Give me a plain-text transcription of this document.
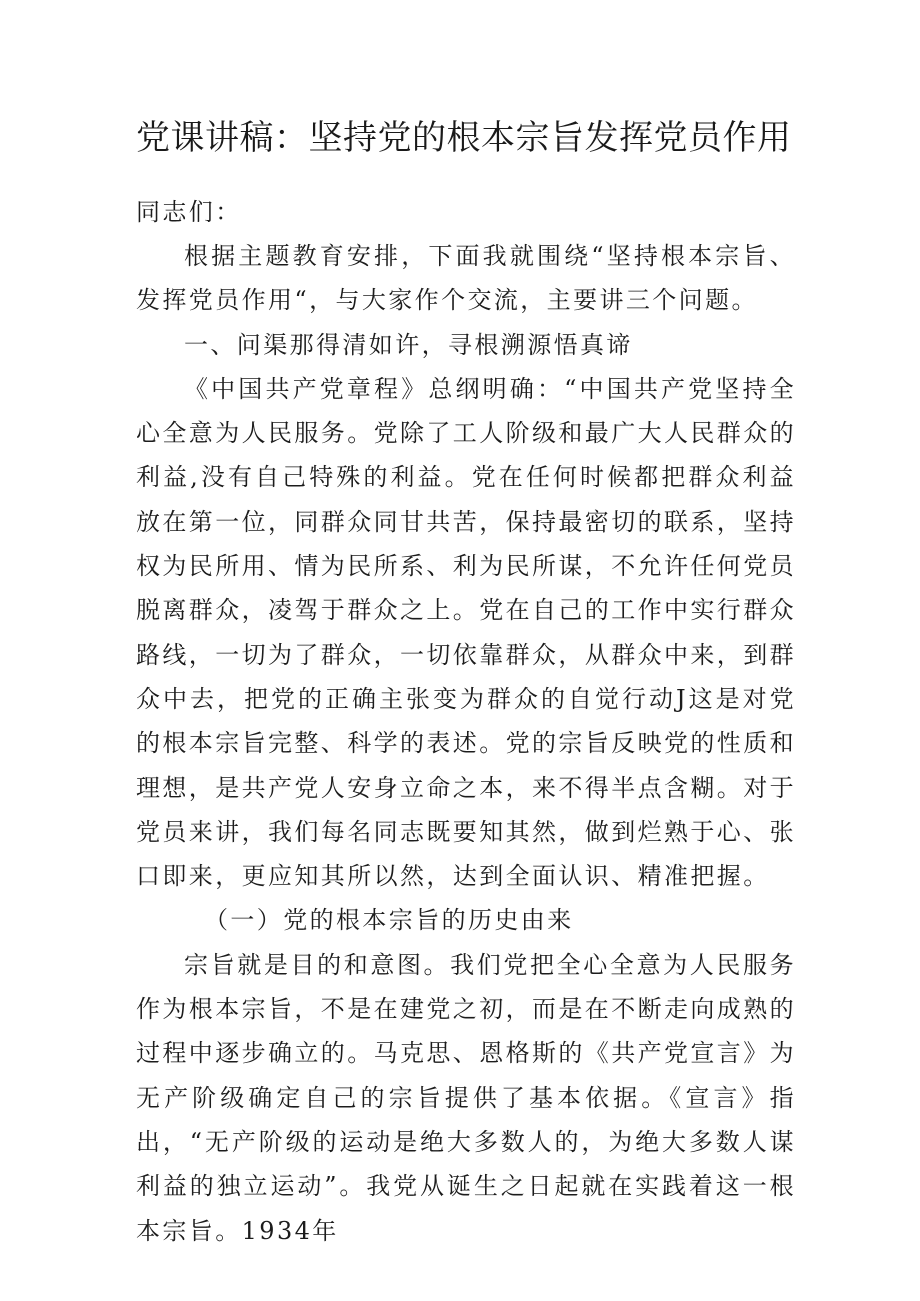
党课讲稿：坚持党的根本宗旨发挥党员作用

同志们：

根据主题教育安排，下面我就围绕“坚持根本宗旨、发挥党员作用“，与大家作个交流，主要讲三个问题。

一、问渠那得清如许，寻根溯源悟真谛

《中国共产党章程》总纲明确：“中国共产党坚持全心全意为人民服务。党除了工人阶级和最广大人民群众的利益,没有自己特殊的利益。党在任何时候都把群众利益放在第一位，同群众同甘共苦，保持最密切的联系，坚持权为民所用、情为民所系、利为民所谋，不允许任何党员脱离群众，凌驾于群众之上。党在自己的工作中实行群众路线，一切为了群众，一切依靠群众，从群众中来，到群众中去，把党的正确主张变为群众的自觉行动J这是对党的根本宗旨完整、科学的表述。党的宗旨反映党的性质和理想，是共产党人安身立命之本，来不得半点含糊。对于党员来讲，我们每名同志既要知其然，做到烂熟于心、张口即来，更应知其所以然，达到全面认识、精准把握。

（一）党的根本宗旨的历史由来

宗旨就是目的和意图。我们党把全心全意为人民服务作为根本宗旨，不是在建党之初，而是在不断走向成熟的过程中逐步确立的。马克思、恩格斯的《共产党宣言》为无产阶级确定自己的宗旨提供了基本依据。《宣言》指出，“无产阶级的运动是绝大多数人的，为绝大多数人谋利益的独立运动”。我党从诞生之日起就在实践着这一根本宗旨。1934年
